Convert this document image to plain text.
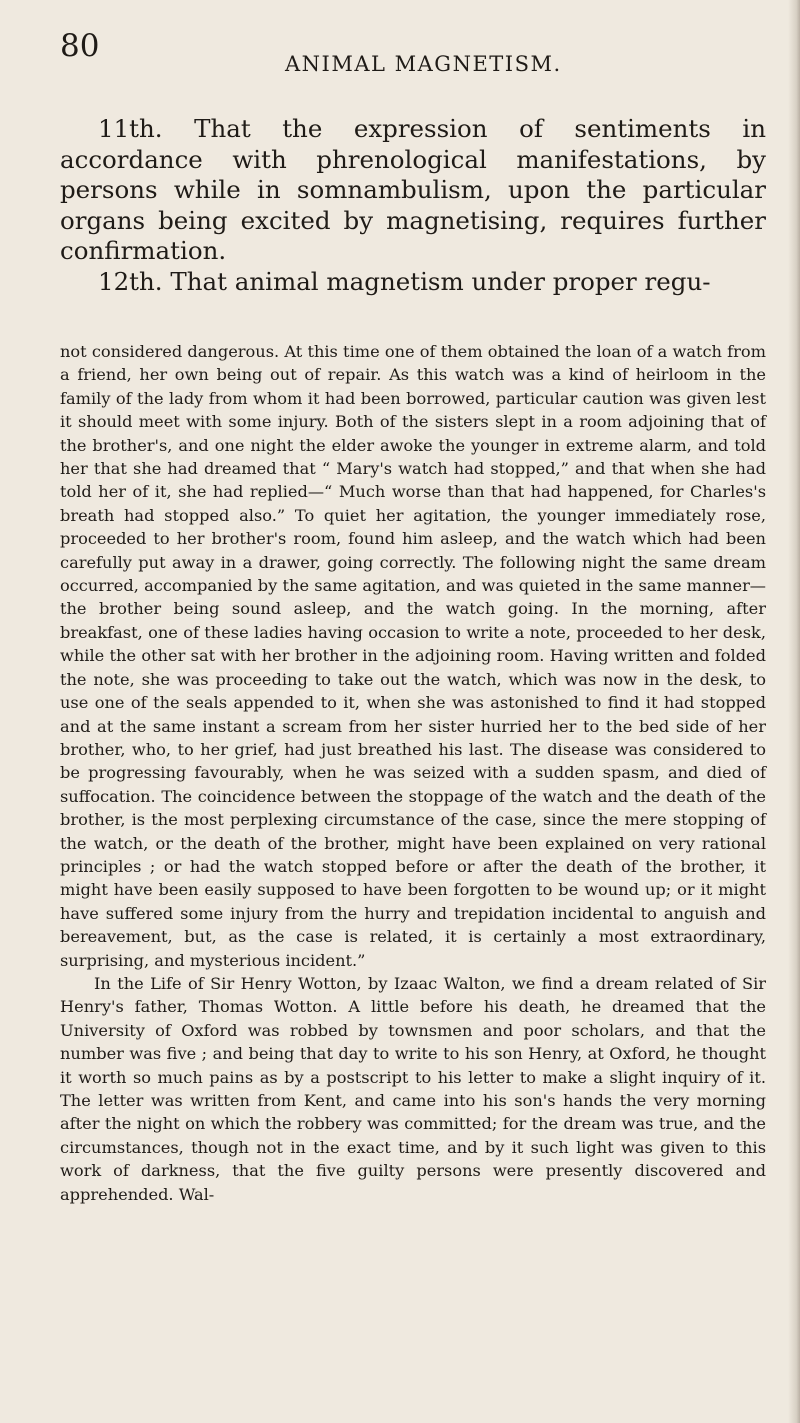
80	ANIMAL MAGNETISM.

11th. That the expression of sentiments in accordance with phrenological manifestations, by persons while in somnambulism, upon the particular organs being excited by magnetising, requires further confirmation.

12th. That animal magnetism under proper regu-

not considered dangerous. At this time one of them obtained the loan of a watch from a friend, her own being out of repair. As this watch was a kind of heirloom in the family of the lady from whom it had been borrowed, particular caution was given lest it should meet with some injury. Both of the sisters slept in a room adjoining that of the brother's, and one night the elder awoke the younger in extreme alarm, and told her that she had dreamed that “ Mary's watch had stopped,” and that when she had told her of it, she had replied—“ Much worse than that had happened, for Charles's breath had stopped also.” To quiet her agitation, the younger immediately rose, proceeded to her brother's room, found him asleep, and the watch which had been carefully put away in a drawer, going correctly. The following night the same dream occurred, accompanied by the same agitation, and was quieted in the same manner—the brother being sound asleep, and the watch going. In the morning, after breakfast, one of these ladies having occasion to write a note, proceeded to her desk, while the other sat with her brother in the adjoining room. Having written and folded the note, she was proceeding to take out the watch, which was now in the desk, to use one of the seals appended to it, when she was astonished to find it had stopped and at the same instant a scream from her sister hurried her to the bed side of her brother, who, to her grief, had just breathed his last. The disease was considered to be progressing favourably, when he was seized with a sudden spasm, and died of suffocation. The coincidence between the stoppage of the watch and the death of the brother, is the most perplexing circumstance of the case, since the mere stopping of the watch, or the death of the brother, might have been explained on very rational principles ; or had the watch stopped before or after the death of the brother, it might have been easily supposed to have been forgotten to be wound up; or it might have suffered some injury from the hurry and trepidation incidental to anguish and bereavement, but, as the case is related, it is certainly a most extraordinary, surprising, and mysterious incident.”

In the Life of Sir Henry Wotton, by Izaac Walton, we find a dream related of Sir Henry's father, Thomas Wotton. A little before his death, he dreamed that the University of Oxford was robbed by townsmen and poor scholars, and that the number was five ; and being that day to write to his son Henry, at Oxford, he thought it worth so much pains as by a postscript to his letter to make a slight inquiry of it. The letter was written from Kent, and came into his son's hands the very morning after the night on which the robbery was committed; for the dream was true, and the circumstances, though not in the exact time, and by it such light was given to this work of darkness, that the five guilty persons were presently discovered and apprehended. Wal-
